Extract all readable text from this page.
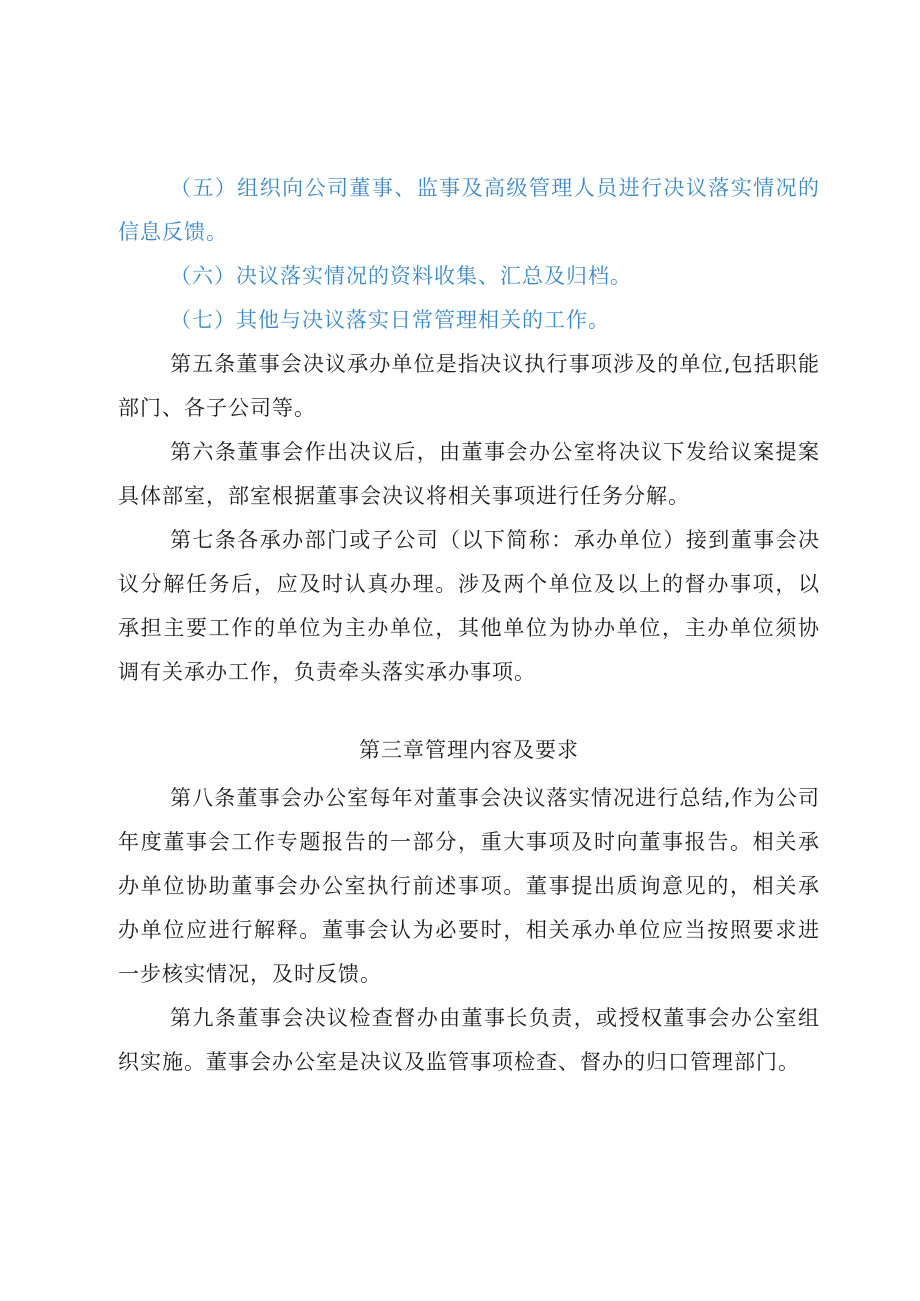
（五）组织向公司董事、监事及高级管理人员进行决议落实情况的信息反馈。

（六）决议落实情况的资料收集、汇总及归档。

（七）其他与决议落实日常管理相关的工作。

第五条董事会决议承办单位是指决议执行事项涉及的单位,包括职能部门、各子公司等。

第六条董事会作出决议后，由董事会办公室将决议下发给议案提案具体部室，部室根据董事会决议将相关事项进行任务分解。

第七条各承办部门或子公司（以下简称：承办单位）接到董事会决议分解任务后，应及时认真办理。涉及两个单位及以上的督办事项，以承担主要工作的单位为主办单位，其他单位为协办单位，主办单位须协调有关承办工作，负责牵头落实承办事项。

第三章管理内容及要求

第八条董事会办公室每年对董事会决议落实情况进行总结,作为公司年度董事会工作专题报告的一部分，重大事项及时向董事报告。相关承办单位协助董事会办公室执行前述事项。董事提出质询意见的，相关承办单位应进行解释。董事会认为必要时，相关承办单位应当按照要求进一步核实情况，及时反馈。

第九条董事会决议检查督办由董事长负责，或授权董事会办公室组织实施。董事会办公室是决议及监管事项检查、督办的归口管理部门。
